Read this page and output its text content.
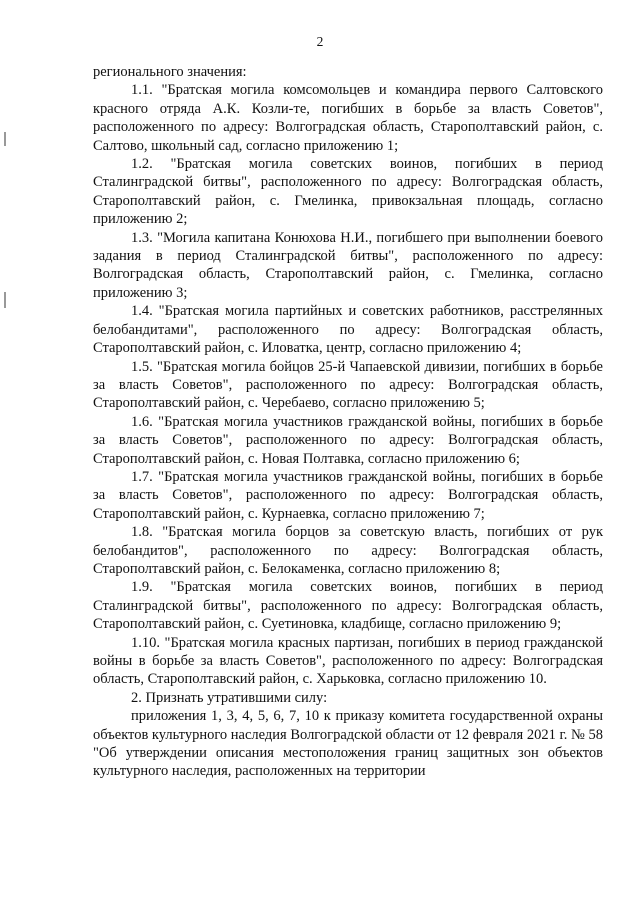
2

регионального значения:

1.1. "Братская могила комсомольцев и командира первого Салтовского красного отряда А.К. Козли-те, погибших в борьбе за власть Советов", расположенного по адресу: Волгоградская область, Старополтавский район, с. Салтово, школьный сад, согласно приложению 1;

1.2. "Братская могила советских воинов, погибших в период Сталинградской битвы", расположенного по адресу: Волгоградская область, Старополтавский район, с. Гмелинка, привокзальная площадь, согласно приложению 2;

1.3. "Могила капитана Конюхова Н.И., погибшего при выполнении боевого задания в период Сталинградской битвы", расположенного по адресу: Волгоградская область, Старополтавский район, с. Гмелинка, согласно приложению 3;

1.4. "Братская могила партийных и советских работников, расстрелянных белобандитами", расположенного по адресу: Волгоградская область, Старополтавский район, с. Иловатка, центр, согласно приложению 4;

1.5. "Братская могила бойцов 25-й Чапаевской дивизии, погибших в борьбе за власть Советов", расположенного по адресу: Волгоградская область, Старополтавский район, с. Черебаево, согласно приложению 5;

1.6. "Братская могила участников гражданской войны, погибших в борьбе за власть Советов", расположенного по адресу: Волгоградская область, Старополтавский район, с. Новая Полтавка, согласно приложению 6;

1.7. "Братская могила участников гражданской войны, погибших в борьбе за власть Советов", расположенного по адресу: Волгоградская область, Старополтавский район, с. Курнаевка, согласно приложению 7;

1.8. "Братская могила борцов за советскую власть, погибших от рук белобандитов", расположенного по адресу: Волгоградская область, Старополтавский район, с. Белокаменка, согласно приложению 8;

1.9. "Братская могила советских воинов, погибших в период Сталинградской битвы", расположенного по адресу: Волгоградская область, Старополтавский район, с. Суетиновка, кладбище, согласно приложению 9;

1.10. "Братская могила красных партизан, погибших в период гражданской войны в борьбе за власть Советов", расположенного по адресу: Волгоградская область, Старополтавский район, с. Харьковка, согласно приложению 10.

2. Признать утратившими силу:

приложения 1, 3, 4, 5, 6, 7, 10 к приказу комитета государственной охраны объектов культурного наследия Волгоградской области от 12 февраля 2021 г. № 58 "Об утверждении описания местоположения границ защитных зон объектов культурного наследия, расположенных на территории
